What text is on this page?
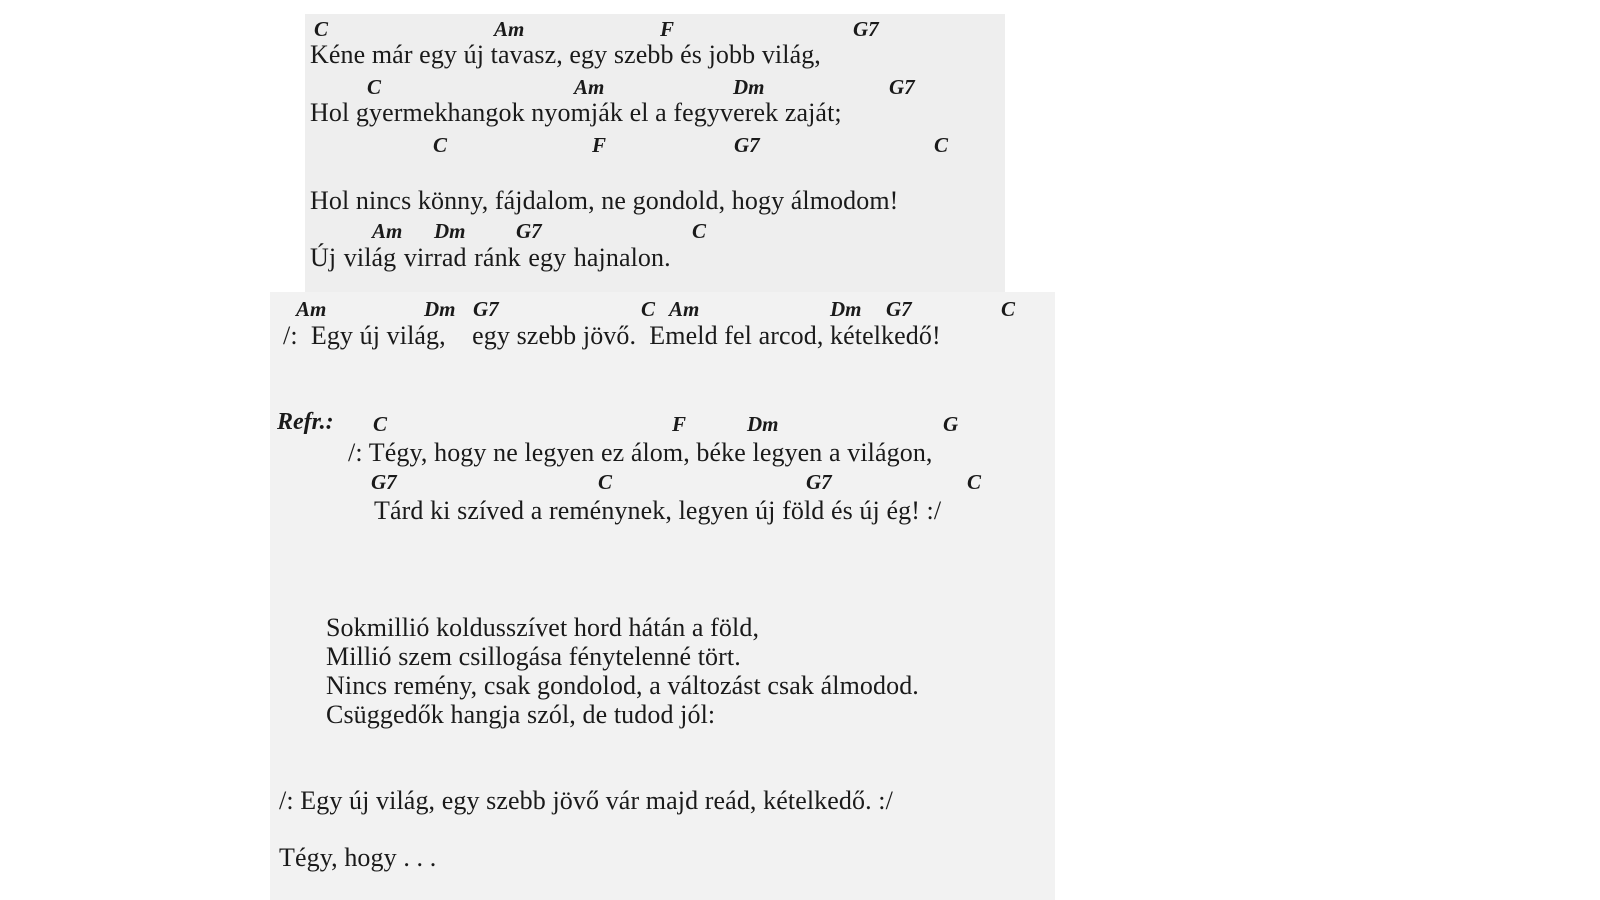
C	Am	F	G7
Kéne már egy új tavasz, egy szebb és jobb világ,
C	Am	Dm	G7
Hol gyermekhangok nyomják el a fegyverek zaját;
C	F	G7	C
Hol nincs könny, fájdalom, ne gondold, hogy álmodom!
Am Dm G7	C
Új világ virrad ránk egy hajnalon.
Am	Dm G7	C Am	Dm G7	C
/:  Egy új világ,    egy szebb jövő.  Emeld fel arcod, kételkedő!
Refr.: C	F	Dm	G
/: Tégy, hogy ne legyen ez álom, béke legyen a világon,
G7	C	G7	C
Tárd ki szíved a reménynek, legyen új föld és új ég! :/
Sokmillió koldusszívet hord hátán a föld,
Millió szem csillogása fénytelenné tört.
Nincs remény, csak gondolod, a változást csak álmodod.
Csüggedők hangja szól, de tudod jól:
/: Egy új világ, egy szebb jövő vár majd reád, kételkedő. :/
Tégy, hogy . . .
